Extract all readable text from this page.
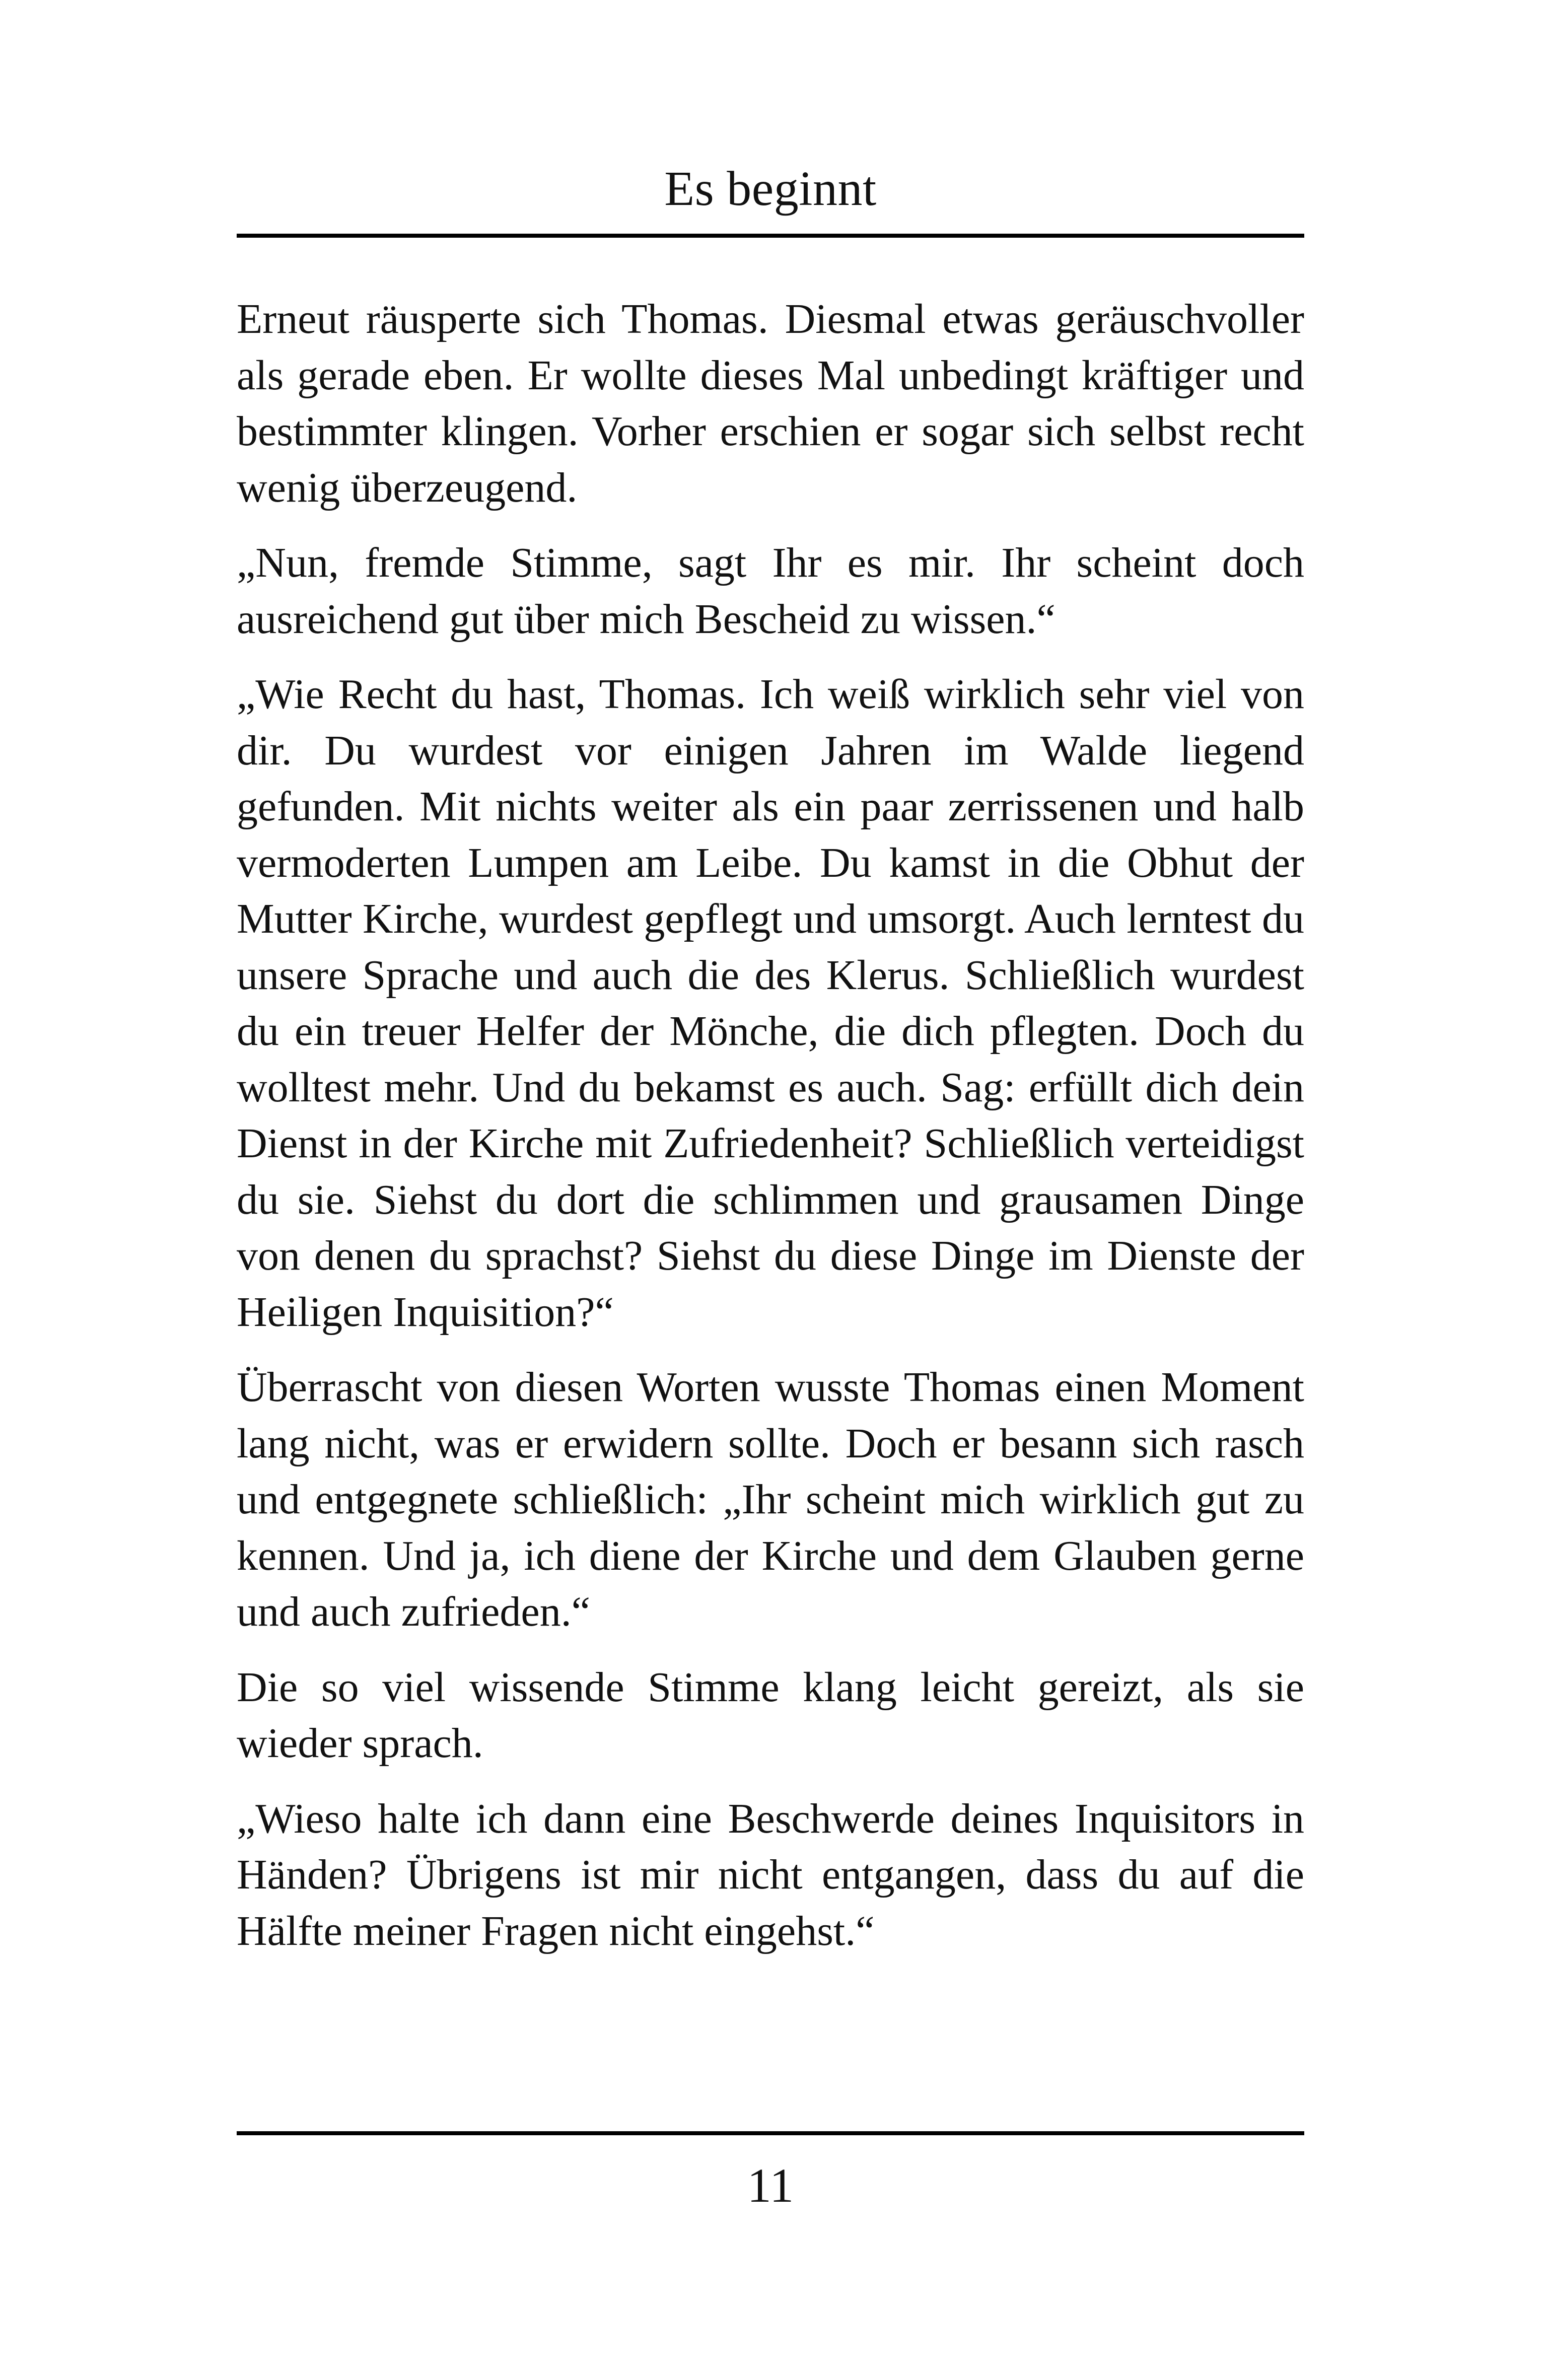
Es beginnt

Erneut räusperte sich Thomas. Diesmal etwas geräuschvoller als gerade eben. Er wollte dieses Mal unbedingt kräftiger und bestimmter klingen. Vorher erschien er sogar sich selbst recht wenig überzeugend.

„Nun, fremde Stimme, sagt Ihr es mir. Ihr scheint doch ausreichend gut über mich Bescheid zu wissen.“

„Wie Recht du hast, Thomas. Ich weiß wirklich sehr viel von dir. Du wurdest vor einigen Jahren im Walde liegend gefunden. Mit nichts weiter als ein paar zerrissenen und halb vermoderten Lumpen am Leibe. Du kamst in die Obhut der Mutter Kirche, wurdest gepflegt und umsorgt. Auch lerntest du unsere Sprache und auch die des Klerus. Schließlich wurdest du ein treuer Helfer der Mönche, die dich pflegten. Doch du wolltest mehr. Und du bekamst es auch. Sag: erfüllt dich dein Dienst in der Kirche mit Zufriedenheit? Schließlich verteidigst du sie. Siehst du dort die schlimmen und grausamen Dinge von denen du sprachst? Siehst du diese Dinge im Dienste der Heiligen Inquisition?“

Überrascht von diesen Worten wusste Thomas einen Moment lang nicht, was er erwidern sollte. Doch er besann sich rasch und entgegnete schließlich: „Ihr scheint mich wirklich gut zu kennen. Und ja, ich diene der Kirche und dem Glauben gerne und auch zufrieden.“

Die so viel wissende Stimme klang leicht gereizt, als sie wieder sprach.

„Wieso halte ich dann eine Beschwerde deines Inquisitors in Händen? Übrigens ist mir nicht entgangen, dass du auf die Hälfte meiner Fragen nicht eingehst.“

11
